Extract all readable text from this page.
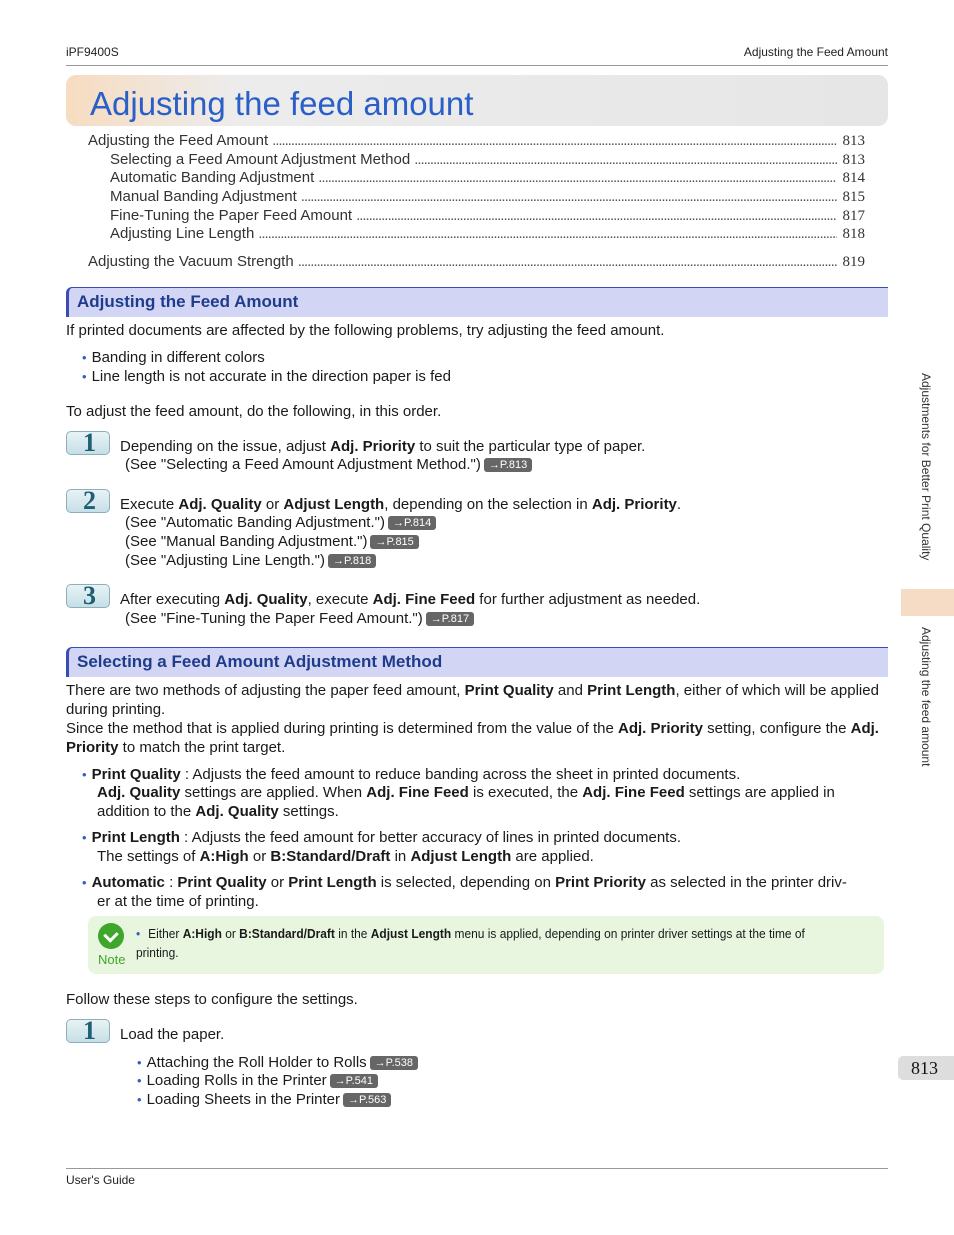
iPF9400S	Adjusting the Feed Amount
Adjusting the feed amount
Adjusting the Feed Amount . . .	813
Selecting a Feed Amount Adjustment Method . . .	813
Automatic Banding Adjustment . . .	814
Manual Banding Adjustment . . .	815
Fine-Tuning the Paper Feed Amount . . .	817
Adjusting Line Length . . .	818
Adjusting the Vacuum Strength . . .	819
Adjusting the Feed Amount
If printed documents are affected by the following problems, try adjusting the feed amount.
• Banding in different colors
• Line length is not accurate in the direction paper is fed
To adjust the feed amount, do the following, in this order.
1 Depending on the issue, adjust Adj. Priority to suit the particular type of paper.
(See "Selecting a Feed Amount Adjustment Method.") →P.813
2 Execute Adj. Quality or Adjust Length, depending on the selection in Adj. Priority.
(See "Automatic Banding Adjustment.") →P.814
(See "Manual Banding Adjustment.") →P.815
(See "Adjusting Line Length.") →P.818
3 After executing Adj. Quality, execute Adj. Fine Feed for further adjustment as needed.
(See "Fine-Tuning the Paper Feed Amount.") →P.817
Selecting a Feed Amount Adjustment Method
There are two methods of adjusting the paper feed amount, Print Quality and Print Length, either of which will be applied during printing.
Since the method that is applied during printing is determined from the value of the Adj. Priority setting, configure the Adj. Priority to match the print target.
• Print Quality : Adjusts the feed amount to reduce banding across the sheet in printed documents.
Adj. Quality settings are applied. When Adj. Fine Feed is executed, the Adj. Fine Feed settings are applied in addition to the Adj. Quality settings.
• Print Length : Adjusts the feed amount for better accuracy of lines in printed documents.
The settings of A:High or B:Standard/Draft in Adjust Length are applied.
• Automatic : Print Quality or Print Length is selected, depending on Print Priority as selected in the printer driv-
er at the time of printing.
Note
• Either A:High or B:Standard/Draft in the Adjust Length menu is applied, depending on printer driver settings at the time of printing.
Follow these steps to configure the settings.
1 Load the paper.
• Attaching the Roll Holder to Rolls →P.538
• Loading Rolls in the Printer →P.541
• Loading Sheets in the Printer →P.563
Adjustments for Better Print Quality
Adjusting the feed amount
813
User's Guide
